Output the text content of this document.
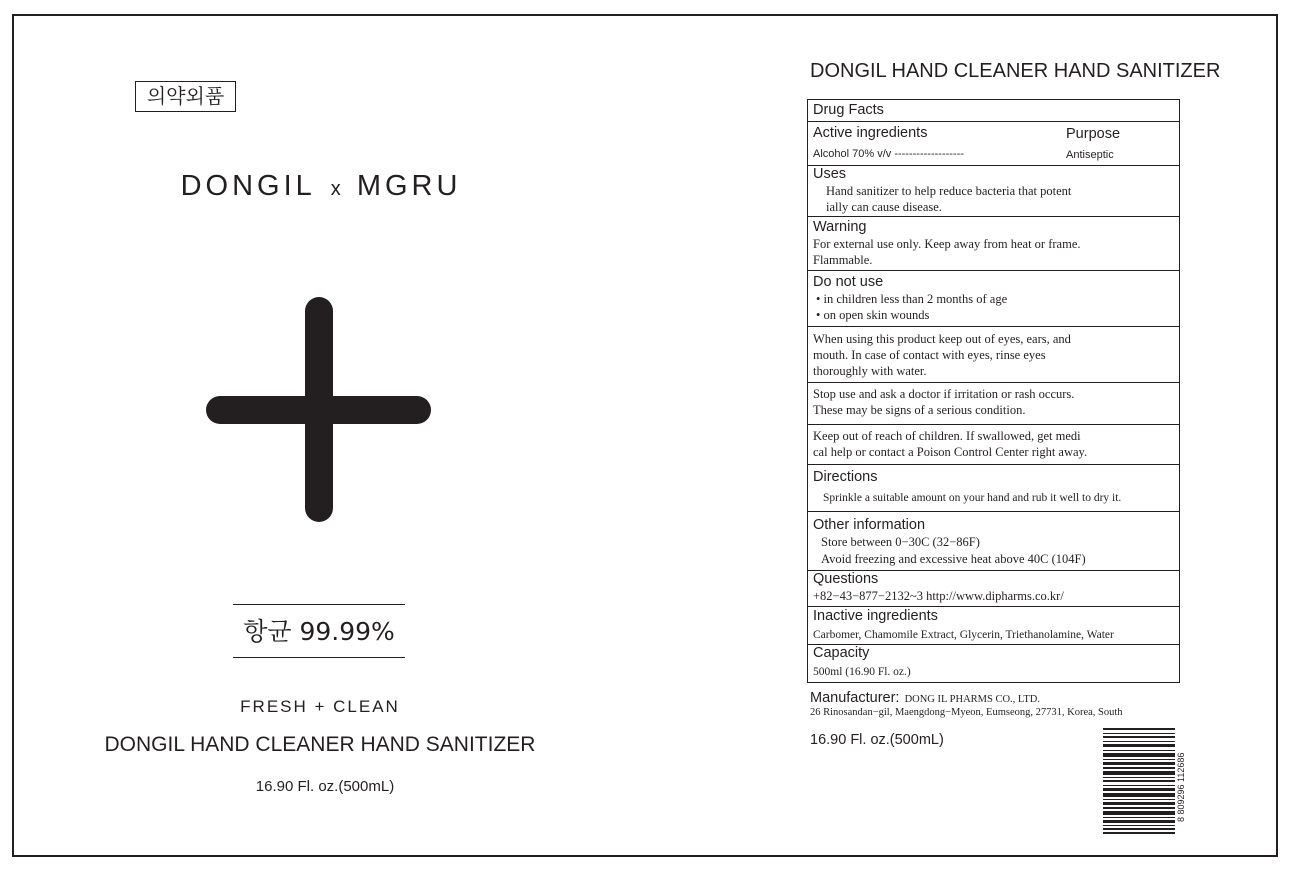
의약외품
DONGIL x MGRU
항균 99.99%
FRESH + CLEAN
DONGIL HAND CLEANER HAND SANITIZER
16.90 Fl. oz.(500mL)
DONGIL HAND CLEANER HAND SANITIZER
Drug Facts
Active ingredients	Purpose
Alcohol 70% v/v -------------------	Antiseptic
Uses
Hand sanitizer to help reduce bacteria that potent
ially can cause disease.
Warning
For external use only. Keep away from heat or frame.
Flammable.
Do not use
• in children less than 2 months of age
• on open skin wounds
When using this product keep out of eyes, ears, and
mouth. In case of contact with eyes, rinse eyes
thoroughly with water.
Stop use and ask a doctor if irritation or rash occurs.
These may be signs of a serious condition.
Keep out of reach of children. If swallowed, get medi
cal help or contact a Poison Control Center right away.
Directions
Sprinkle a suitable amount on your hand and rub it well to dry it.
Other information
Store between 0−30C (32−86F)
Avoid freezing and excessive heat above 40C (104F)
Questions
+82−43−877−2132~3 http://www.dipharms.co.kr/
Inactive ingredients
Carbomer, Chamomile Extract, Glycerin, Triethanolamine, Water
Capacity
500ml (16.90 Fl. oz.)
Manufacturer: DONG IL PHARMS CO., LTD.
26 Rinosandan−gil, Maengdong−Myeon, Eumseong, 27731, Korea, South
16.90 Fl. oz.(500mL)
8 809296 112686
